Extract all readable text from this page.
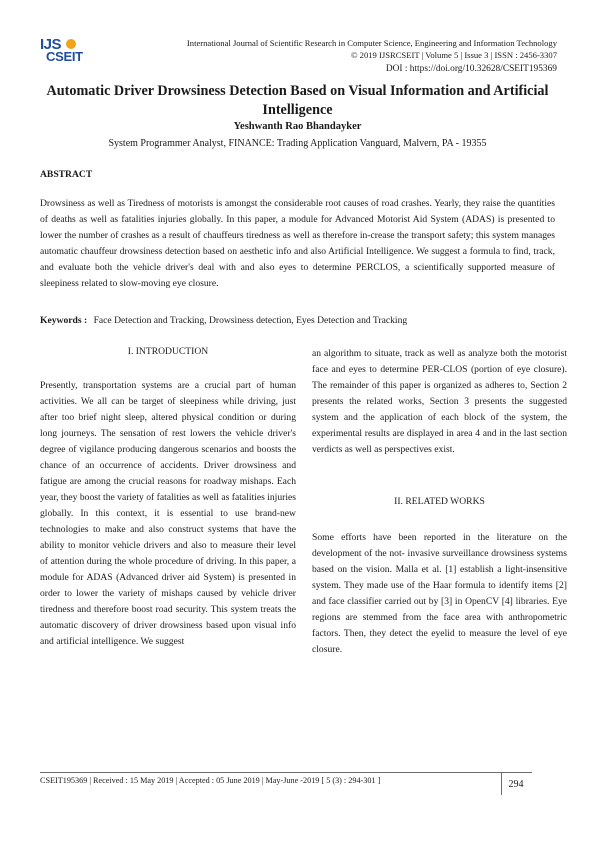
IJS
CSEIT
International Journal of Scientific Research in Computer Science, Engineering and Information Technology
© 2019 IJSRCSEIT | Volume 5 | Issue 3 | ISSN : 2456-3307
DOI : https://doi.org/10.32628/CSEIT195369
Automatic Driver Drowsiness Detection Based on Visual Information and Artificial Intelligence
Yeshwanth Rao Bhandayker
System Programmer Analyst, FINANCE: Trading Application Vanguard, Malvern, PA - 19355
ABSTRACT
Drowsiness as well as Tiredness of motorists is amongst the considerable root causes of road crashes. Yearly, they raise the quantities of deaths as well as fatalities injuries globally. In this paper, a module for Advanced Motorist Aid System (ADAS) is presented to lower the number of crashes as a result of chauffeurs tiredness as well as therefore in-crease the transport safety; this system manages automatic chauffeur drowsiness detection based on aesthetic info and also Artificial Intelligence. We suggest a formula to find, track, and evaluate both the vehicle driver's deal with and also eyes to determine PERCLOS, a scientifically supported measure of sleepiness related to slow-moving eye closure.
Keywords : Face Detection and Tracking, Drowsiness detection, Eyes Detection and Tracking
I. INTRODUCTION
Presently, transportation systems are a crucial part of human activities. We all can be target of sleepiness while driving, just after too brief night sleep, altered physical condition or during long journeys. The sensation of rest lowers the vehicle driver's degree of vigilance producing dangerous scenarios and boosts the chance of an occurrence of accidents. Driver drowsiness and fatigue are among the crucial reasons for roadway mishaps. Each year, they boost the variety of fatalities as well as fatalities injuries globally. In this context, it is essential to use brand-new technologies to make and also construct systems that have the ability to monitor vehicle drivers and also to measure their level of attention during the whole procedure of driving. In this paper, a module for ADAS (Advanced driver aid System) is presented in order to lower the variety of mishaps caused by vehicle driver tiredness and therefore boost road security. This system treats the automatic discovery of driver drowsiness based upon visual info and artificial intelligence. We suggest
an algorithm to situate, track as well as analyze both the motorist face and eyes to determine PER-CLOS (portion of eye closure). The remainder of this paper is organized as adheres to, Section 2 presents the related works, Section 3 presents the suggested system and the application of each block of the system, the experimental results are displayed in area 4 and in the last section verdicts as well as perspectives exist.
II. RELATED WORKS
Some efforts have been reported in the literature on the development of the not- invasive surveillance drowsiness systems based on the vision. Malla et al. [1] establish a light-insensitive system. They made use of the Haar formula to identify items [2] and face classifier carried out by [3] in OpenCV [4] libraries. Eye regions are stemmed from the face area with anthropometric factors. Then, they detect the eyelid to measure the level of eye closure.
CSEIT195369 | Received : 15 May 2019 | Accepted : 05 June 2019 | May-June -2019 [ 5 (3) : 294-301 ]	294
